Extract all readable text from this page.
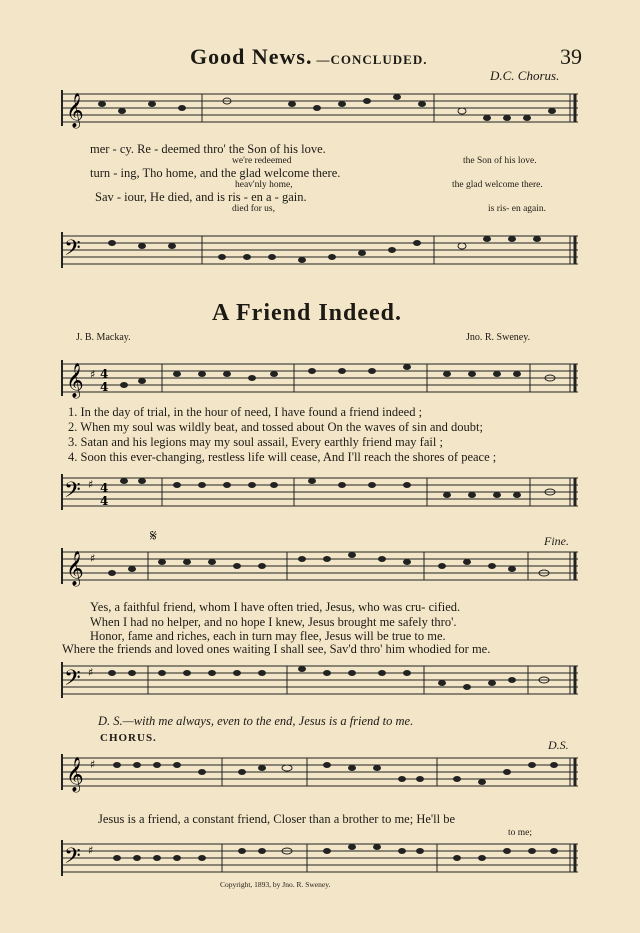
Good News. —CONCLUDED.	39
D.C. Chorus.
𝄞
mer - cy. Re - deemed thro' the Son of his love.
we're redeemed	the Son of his love.
turn - ing, Tho home, and the glad welcome there.
heav'nly home,	the glad welcome there.
Sav - iour, He died, and is ris - en a - gain.
died for us,	is ris- en again.
𝄢
A Friend Indeed.
J. B. Mackay.	Jno. R. Sweney.
𝄞 ♯ 4
4
1. In the day of trial, in the hour of need, I have found a friend indeed ;
2. When my soul was wildly beat, and tossed about On the waves of sin and doubt;
3. Satan and his legions may my soul assail, Every earthly friend may fail ;
4. Soon this ever-changing, restless life will cease, And I'll reach the shores of peace ;
𝄢 ♯ 4
4
𝄋	Fine.
𝄞 ♯
Yes, a faithful friend, whom I have often tried, Jesus, who was cru- cified.
When I had no helper, and no hope I knew, Jesus brought me safely thro'.
Honor, fame and riches, each in turn may flee, Jesus will be true to me.
Where the friends and loved ones waiting I shall see, Sav'd thro' him whodied for me.
𝄢 ♯
D. S.—with me always, even to the end, Jesus is a friend to me.
CHORUS.	D.S.
𝄞 ♯
Jesus is a friend, a constant friend, Closer than a brother to me; He'll be
to me;
𝄢 ♯
Copyright, 1893, by Jno. R. Sweney.
